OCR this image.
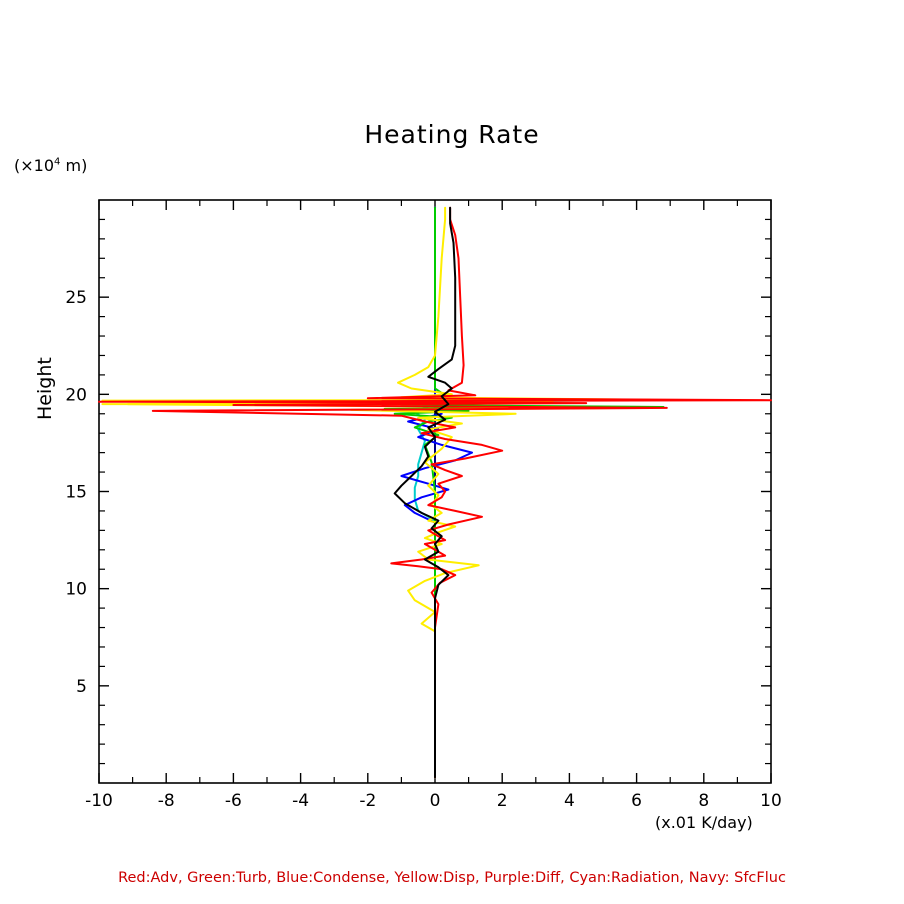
Heating Rate
($\times 10^4$ m)
Height
(x.01 K/day)
-10	-8	-6	-4	-2	0	2	4	6	8	10
5
10
15
20
25
Red:Adv, Green:Turb, Blue:Condense, Yellow:Disp, Purple:Diff, Cyan:Radiation, Navy: SfcFluc
